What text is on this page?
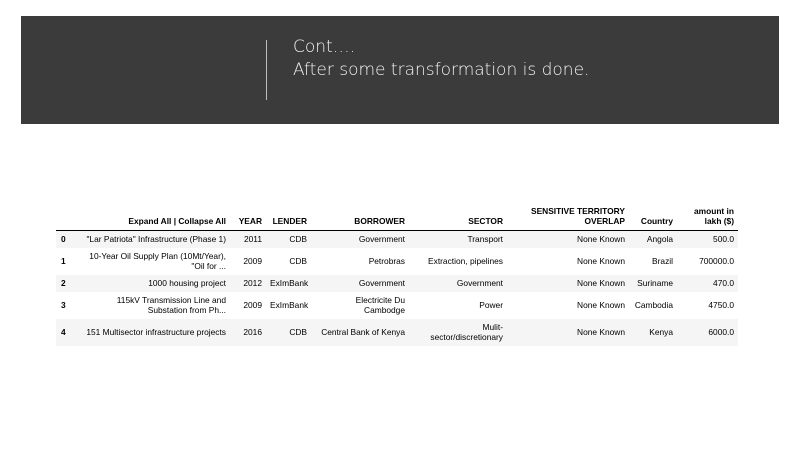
Cont….
After some transformation is done.
	Expand All | Collapse All	YEAR	LENDER	BORROWER	SECTOR	SENSITIVE TERRITORY OVERLAP	Country	amount in lakh ($)
0	"Lar Patriota" Infrastructure (Phase 1)	2011	CDB	Government	Transport	None Known	Angola	500.0
1	10-Year Oil Supply Plan (10Mt/Year), "Oil for ...	2009	CDB	Petrobras	Extraction, pipelines	None Known	Brazil	700000.0
2	1000 housing project	2012	ExImBank	Government	Government	None Known	Suriname	470.0
3	115kV Transmission Line and Substation from Ph...	2009	ExImBank	Electricite Du Cambodge	Power	None Known	Cambodia	4750.0
4	151 Multisector infrastructure projects	2016	CDB	Central Bank of Kenya	Mulit-sector/discretionary	None Known	Kenya	6000.0
